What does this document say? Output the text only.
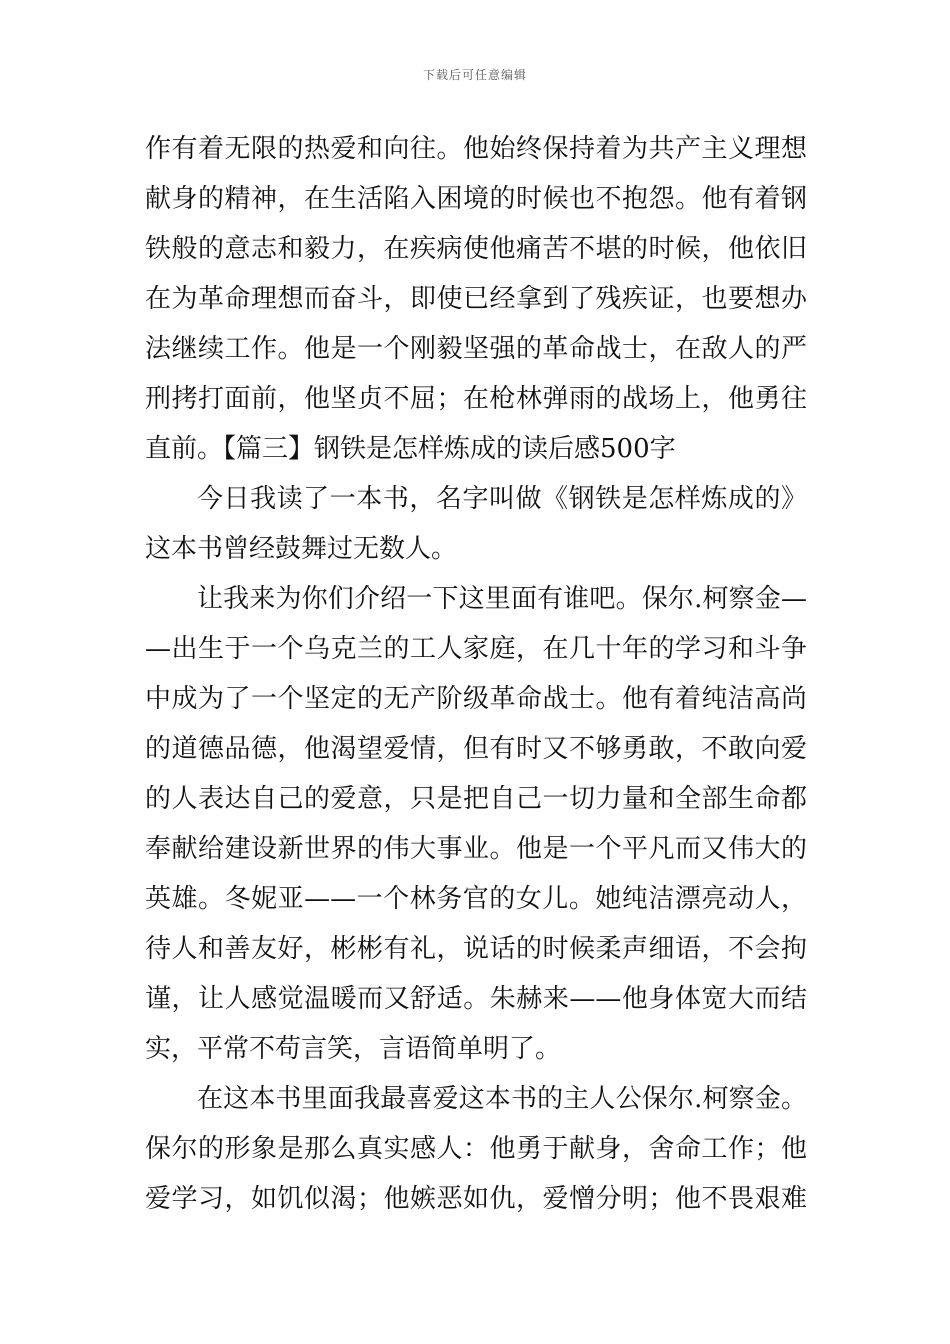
下载后可任意编辑
作有着无限的热爱和向往。他始终保持着为共产主义理想
献身的精神，在生活陷入困境的时候也不抱怨。他有着钢
铁般的意志和毅力，在疾病使他痛苦不堪的时候，他依旧
在为革命理想而奋斗，即使已经拿到了残疾证，也要想办
法继续工作。他是一个刚毅坚强的革命战士，在敌人的严
刑拷打面前，他坚贞不屈；在枪林弹雨的战场上，他勇往
直前。【篇三】钢铁是怎样炼成的读后感500字
今日我读了一本书，名字叫做《钢铁是怎样炼成的》
这本书曾经鼓舞过无数人。
让我来为你们介绍一下这里面有谁吧。保尔.柯察金—
—出生于一个乌克兰的工人家庭，在几十年的学习和斗争
中成为了一个坚定的无产阶级革命战士。他有着纯洁高尚
的道德品德，他渴望爱情，但有时又不够勇敢，不敢向爱
的人表达自己的爱意，只是把自己一切力量和全部生命都
奉献给建设新世界的伟大事业。他是一个平凡而又伟大的
英雄。冬妮亚——一个林务官的女儿。她纯洁漂亮动人，
待人和善友好，彬彬有礼，说话的时候柔声细语，不会拘
谨，让人感觉温暖而又舒适。朱赫来——他身体宽大而结
实，平常不苟言笑，言语简单明了。
在这本书里面我最喜爱这本书的主人公保尔.柯察金。
保尔的形象是那么真实感人：他勇于献身，舍命工作；他
爱学习，如饥似渴；他嫉恶如仇，爱憎分明；他不畏艰难
